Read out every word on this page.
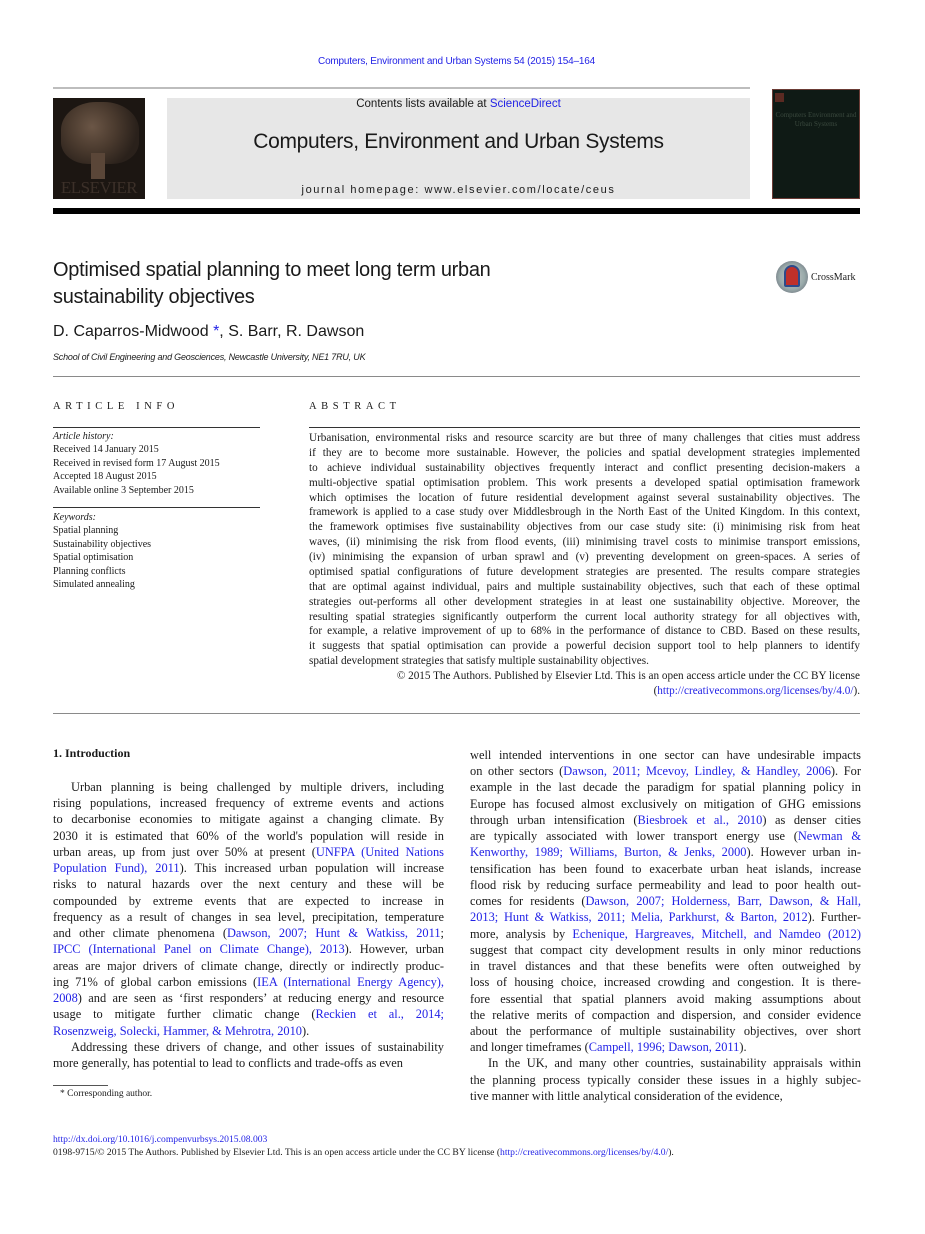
Computers, Environment and Urban Systems 54 (2015) 154–164
ELSEVIER
Contents lists available at ScienceDirect
Computers, Environment and Urban Systems
journal homepage: www.elsevier.com/locate/ceus
Computers Environment and Urban Systems
Optimised spatial planning to meet long term urban
sustainability objectives
CrossMark
D. Caparros-Midwood *, S. Barr, R. Dawson
School of Civil Engineering and Geosciences, Newcastle University, NE1 7RU, UK
ARTICLE INFO	ABSTRACT
Article history:
Received 14 January 2015
Received in revised form 17 August 2015
Accepted 18 August 2015
Available online 3 September 2015
Keywords:
Spatial planning
Sustainability objectives
Spatial optimisation
Planning conflicts
Simulated annealing
Urbanisation, environmental risks and resource scarcity are but three of many challenges that cities must address
if they are to become more sustainable. However, the policies and spatial development strategies implemented
to achieve individual sustainability objectives frequently interact and conflict presenting decision-makers a
multi-objective spatial optimisation problem. This work presents a developed spatial optimisation framework
which optimises the location of future residential development against several sustainability objectives. The
framework is applied to a case study over Middlesbrough in the North East of the United Kingdom. In this context,
the framework optimises five sustainability objectives from our case study site: (i) minimising risk from heat
waves, (ii) minimising the risk from flood events, (iii) minimising travel costs to minimise transport emissions,
(iv) minimising the expansion of urban sprawl and (v) preventing development on green-spaces. A series of
optimised spatial configurations of future development strategies are presented. The results compare strategies
that are optimal against individual, pairs and multiple sustainability objectives, such that each of these optimal
strategies out-performs all other development strategies in at least one sustainability objective. Moreover, the
resulting spatial strategies significantly outperform the current local authority strategy for all objectives with,
for example, a relative improvement of up to 68% in the performance of distance to CBD. Based on these results,
it suggests that spatial optimisation can provide a powerful decision support tool to help planners to identify
spatial development strategies that satisfy multiple sustainability objectives.
© 2015 The Authors. Published by Elsevier Ltd. This is an open access article under the CC BY license
(http://creativecommons.org/licenses/by/4.0/).
1. Introduction
Urban planning is being challenged by multiple drivers, including
rising populations, increased frequency of extreme events and actions
to decarbonise economies to mitigate against a changing climate. By
2030 it is estimated that 60% of the world's population will reside in
urban areas, up from just over 50% at present (UNFPA (United Nations
Population Fund), 2011). This increased urban population will increase
risks to natural hazards over the next century and these will be
compounded by extreme events that are expected to increase in
frequency as a result of changes in sea level, precipitation, temperature
and other climate phenomena (Dawson, 2007; Hunt & Watkiss, 2011;
IPCC (International Panel on Climate Change), 2013). However, urban
areas are major drivers of climate change, directly or indirectly produc-
ing 71% of global carbon emissions (IEA (International Energy Agency),
2008) and are seen as ‘first responders’ at reducing energy and resource
usage to mitigate further climatic change (Reckien et al., 2014;
Rosenzweig, Solecki, Hammer, & Mehrotra, 2010).
Addressing these drivers of change, and other issues of sustainability
more generally, has potential to lead to conflicts and trade-offs as even
well intended interventions in one sector can have undesirable impacts
on other sectors (Dawson, 2011; Mcevoy, Lindley, & Handley, 2006). For
example in the last decade the paradigm for spatial planning policy in
Europe has focused almost exclusively on mitigation of GHG emissions
through urban intensification (Biesbroek et al., 2010) as denser cities
are typically associated with lower transport energy use (Newman &
Kenworthy, 1989; Williams, Burton, & Jenks, 2000). However urban in-
tensification has been found to exacerbate urban heat islands, increase
flood risk by reducing surface permeability and lead to poor health out-
comes for residents (Dawson, 2007; Holderness, Barr, Dawson, & Hall,
2013; Hunt & Watkiss, 2011; Melia, Parkhurst, & Barton, 2012). Further-
more, analysis by Echenique, Hargreaves, Mitchell, and Namdeo (2012)
suggest that compact city development results in only minor reductions
in travel distances and that these benefits were often outweighed by
loss of housing choice, increased crowding and congestion. It is there-
fore essential that spatial planners avoid making assumptions about
the relative merits of compaction and dispersion, and consider evidence
about the performance of multiple sustainability objectives, over short
and longer timeframes (Campell, 1996; Dawson, 2011).
In the UK, and many other countries, sustainability appraisals within
the planning process typically consider these issues in a highly subjec-
tive manner with little analytical consideration of the evidence,
* Corresponding author.
http://dx.doi.org/10.1016/j.compenvurbsys.2015.08.003
0198-9715/© 2015 The Authors. Published by Elsevier Ltd. This is an open access article under the CC BY license (http://creativecommons.org/licenses/by/4.0/).
